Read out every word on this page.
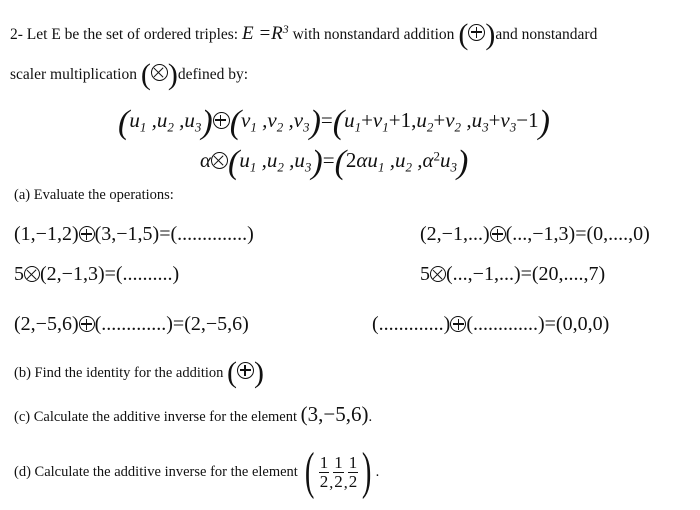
2- Let E be the set of ordered triples: $E =R^3$ with nonstandard addition ( )and nonstandard
scaler multiplication ( )defined by:
($u_1$ $,u_2$ $,u_3$) ($v_1$ $,v_2$ $,v_3)=(u_1+v_1+1,u_2+v_2$ $,u_3+v_3-1$)
α ($u_1$ $,u_2$ $,u_3)=(2\alpha u_1$ $,u_2$ $,\alpha^2u_3$)
(a) Evaluate the operations:
(1,−1,2) (3,−1,5)=(..............)	(2,−1,...) (...,−1,3)=(0,....,0)
5 (2,−1,3)=(..........)	5 (...,−1,...)=(20,....,7)
(2,−5,6) (.............)=(2,−5,6)	(.............) (.............)=(0,0,0)
(b) Find the identity for the addition ( )
(c) Calculate the additive inverse for the element (3,−5,6).
(d) Calculate the additive inverse for the element ( $\frac{1}{2}$ , $\frac{1}{2}$ , $\frac{1}{2}$ ) .
